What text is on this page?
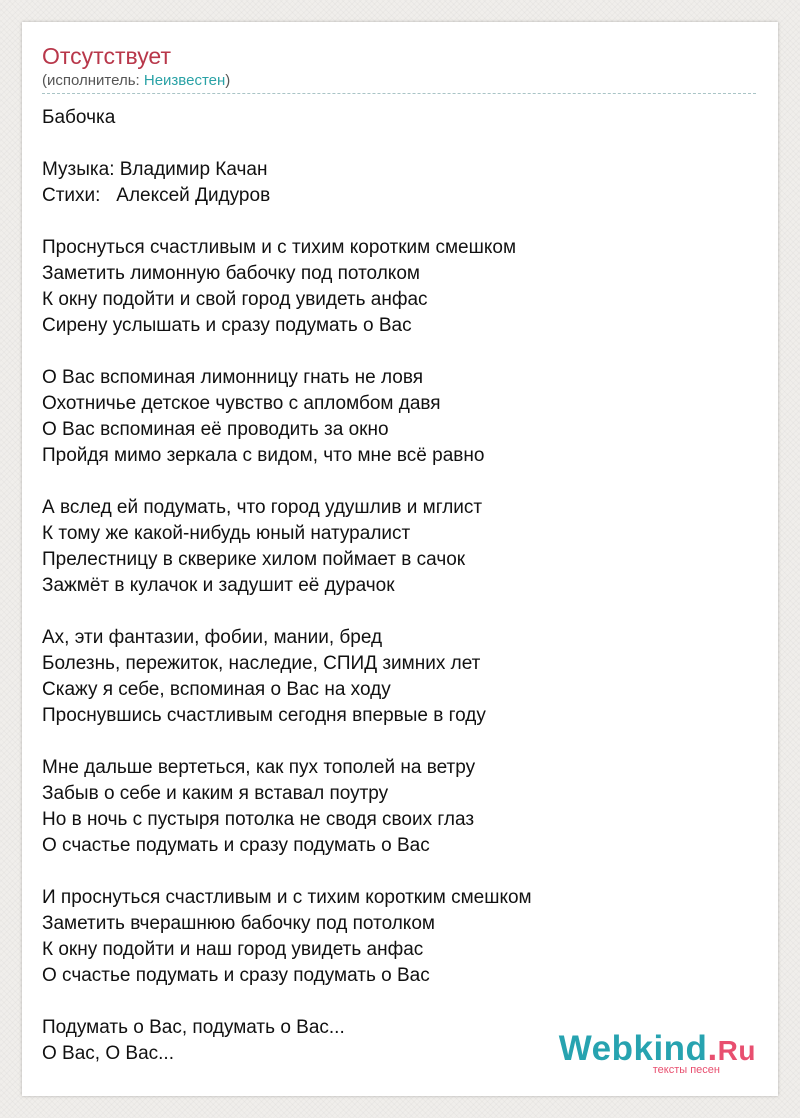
Отсутствует
(исполнитель: Неизвестен)
Бабочка
Музыка: Владимир Качан
Стихи:   Алексей Дидуров
Проснуться счастливым и с тихим коротким смешком
Заметить лимонную бабочку под потолком
К окну подойти и свой город увидеть анфас
Сирену услышать и сразу подумать о Вас
О Вас вспоминая лимонницу гнать не ловя
Охотничье детское чувство с апломбом давя
О Вас вспоминая её проводить за окно
Пройдя мимо зеркала с видом, что мне всё равно
А вслед ей подумать, что город удушлив и мглист
К тому же какой-нибудь юный натуралист
Прелестницу в скверике хилом поймает в сачок
Зажмёт в кулачок и задушит её дурачок
Ах, эти фантазии, фобии, мании, бред
Болезнь, пережиток, наследие, СПИД зимних лет
Скажу я себе, вспоминая о Вас на ходу
Проснувшись счастливым сегодня впервые в году
Мне дальше вертеться, как пух тополей на ветру
Забыв о себе и каким я вставал поутру
Но в ночь с пустыря потолка не сводя своих глаз
О счастье подумать и сразу подумать о Вас
И проснуться счастливым и с тихим коротким смешком
Заметить вчерашнюю бабочку под потолком
К окну подойти и наш город увидеть анфас
О счастье подумать и сразу подумать о Вас
Подумать о Вас, подумать о Вас...
О Вас, О Вас...	Webkind.Ru
тексты песен
